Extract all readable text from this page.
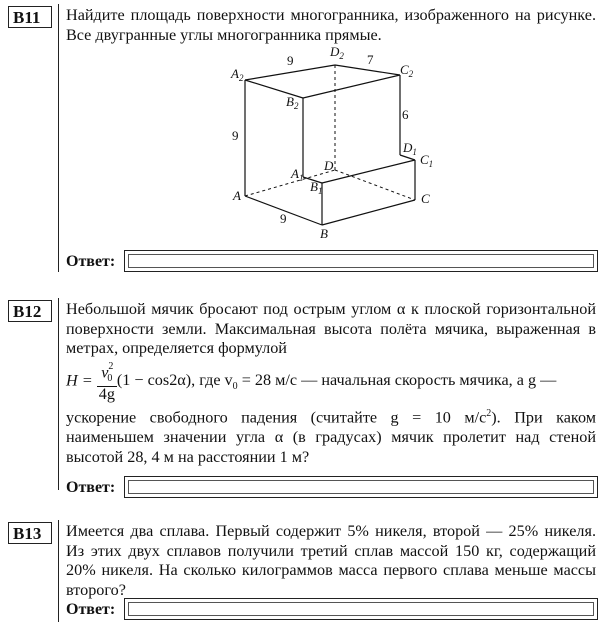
B11	Найдите площадь поверхности многогранника, изображенного на рисунке. Все двугранные углы многогранника прямые.
$A_2$
$B_2$
$D_2$
$C_2$
$D_1$ $C_1$
$A_1$
D
$B_1$
A	C
B
9	7
9
6
9
Ответ:
B12	Небольшой мячик бросают под острым углом α к плоской горизонтальной поверхности земли. Максимальная высота полёта мячика, выраженная в метрах, определяется формулой
$H = \frac{v^2_0}{4g} (1 - \cos 2\alpha)$, где $v_0 = 28$ м/с — начальная скорость мячика, а g —
ускорение свободного падения (считайте g = 10 $м/c^2$). При каком наименьшем значении угла α (в градусах) мячик пролетит над стеной высотой 28, 4 м на расстоянии 1 м?
Ответ:
B13	Имеется два сплава. Первый содержит 5% никеля, второй — 25% никеля. Из этих двух сплавов получили третий сплав массой 150 кг, содержащий 20% никеля. На сколько килограммов масса первого сплава меньше массы второго?
Ответ:
